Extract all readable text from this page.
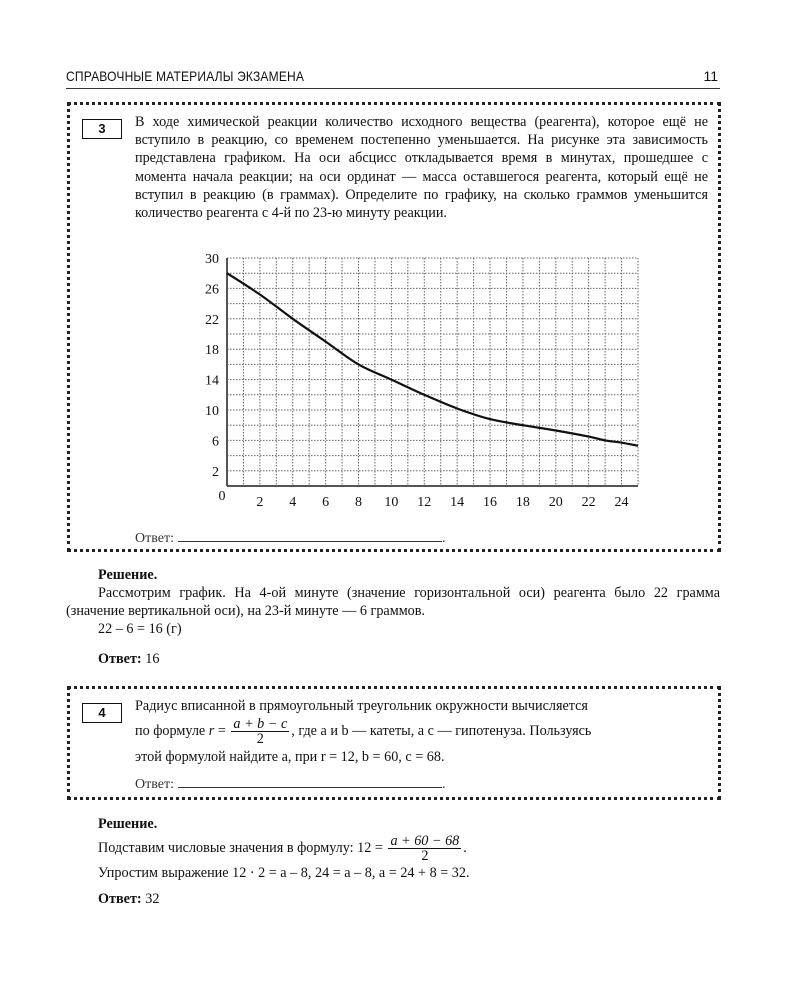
СПРАВОЧНЫЕ МАТЕРИАЛЫ ЭКЗАМЕНА	11
3	В ходе химической реакции количество исходного вещества (реагента), которое ещё не вступило в реакцию, со временем постепенно уменьшается. На рисунке эта зависимость представлена графиком. На оси абсцисс откладывается время в минутах, прошедшее с момента начала реакции; на оси ординат — масса оставшегося реагента, который ещё не вступил в реакцию (в граммах). Определите по графику, на сколько граммов уменьшится количество реагента с 4-й по 23-ю минуту реакции.
Ответ:	.
2
6
10
14
18
22
26
30
0 2 4 6 8 10 12 14 16 18 20 22 24
Решение.
Рассмотрим график. На 4-ой минуте (значение горизонтальной оси) реагента было 22 грамма (значение вертикальной оси), на 23-й минуте — 6 граммов.
22 – 6 = 16 (г)
Ответ: 16
4	Радиус вписанной в прямоугольный треугольник окружности вычисляется
по формуле $r = \frac{a + b - c}{2}$ , где a и b — катеты, а c — гипотенуза. Пользуясь
этой формулой найдите a, при r = 12, b = 60, c = 68.
Ответ:	.
Решение.
Подставим числовые значения в формулу: $12 = \frac{a + 60 - 68}{2}$ .
Упростим выражение 12 · 2 = a – 8, 24 = a – 8, a = 24 + 8 = 32.
Ответ: 32
